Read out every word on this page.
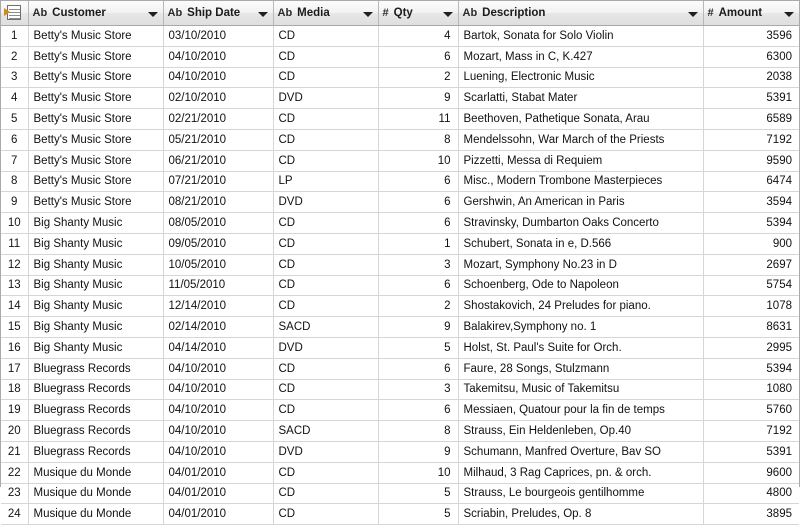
	Ab Customer	Ab Ship Date	Ab Media	# Qty	Ab Description	# Amount

1	Betty's Music Store	03/10/2010	CD	4	Bartok, Sonata for Solo Violin	3596
2	Betty's Music Store	04/10/2010	CD	6	Mozart, Mass in C, K.427	6300
3	Betty's Music Store	04/10/2010	CD	2	Luening, Electronic Music	2038
4	Betty's Music Store	02/10/2010	DVD	9	Scarlatti, Stabat Mater	5391
5	Betty's Music Store	02/21/2010	CD	11	Beethoven, Pathetique Sonata, Arau	6589
6	Betty's Music Store	05/21/2010	CD	8	Mendelssohn, War March of the Priests	7192
7	Betty's Music Store	06/21/2010	CD	10	Pizzetti, Messa di Requiem	9590
8	Betty's Music Store	07/21/2010	LP	6	Misc., Modern Trombone Masterpieces	6474
9	Betty's Music Store	08/21/2010	DVD	6	Gershwin, An American in Paris	3594
10	Big Shanty Music	08/05/2010	CD	6	Stravinsky, Dumbarton Oaks Concerto	5394
11	Big Shanty Music	09/05/2010	CD	1	Schubert, Sonata in e, D.566	900
12	Big Shanty Music	10/05/2010	CD	3	Mozart, Symphony No.23 in D	2697
13	Big Shanty Music	11/05/2010	CD	6	Schoenberg, Ode to Napoleon	5754
14	Big Shanty Music	12/14/2010	CD	2	Shostakovich, 24 Preludes for piano.	1078
15	Big Shanty Music	02/14/2010	SACD	9	Balakirev,Symphony no. 1	8631
16	Big Shanty Music	04/14/2010	DVD	5	Holst, St. Paul's Suite for Orch.	2995
17	Bluegrass Records	04/10/2010	CD	6	Faure, 28 Songs, Stulzmann	5394
18	Bluegrass Records	04/10/2010	CD	3	Takemitsu, Music of Takemitsu	1080
19	Bluegrass Records	04/10/2010	CD	6	Messiaen, Quatour pour la fin de temps	5760
20	Bluegrass Records	04/10/2010	SACD	8	Strauss, Ein Heldenleben, Op.40	7192
21	Bluegrass Records	04/10/2010	DVD	9	Schumann, Manfred Overture, Bav SO	5391
22	Musique du Monde	04/01/2010	CD	10	Milhaud, 3 Rag Caprices, pn. & orch.	9600
23	Musique du Monde	04/01/2010	CD	5	Strauss, Le bourgeois gentilhomme	4800
24	Musique du Monde	04/01/2010	CD	5	Scriabin, Preludes, Op. 8	3895
